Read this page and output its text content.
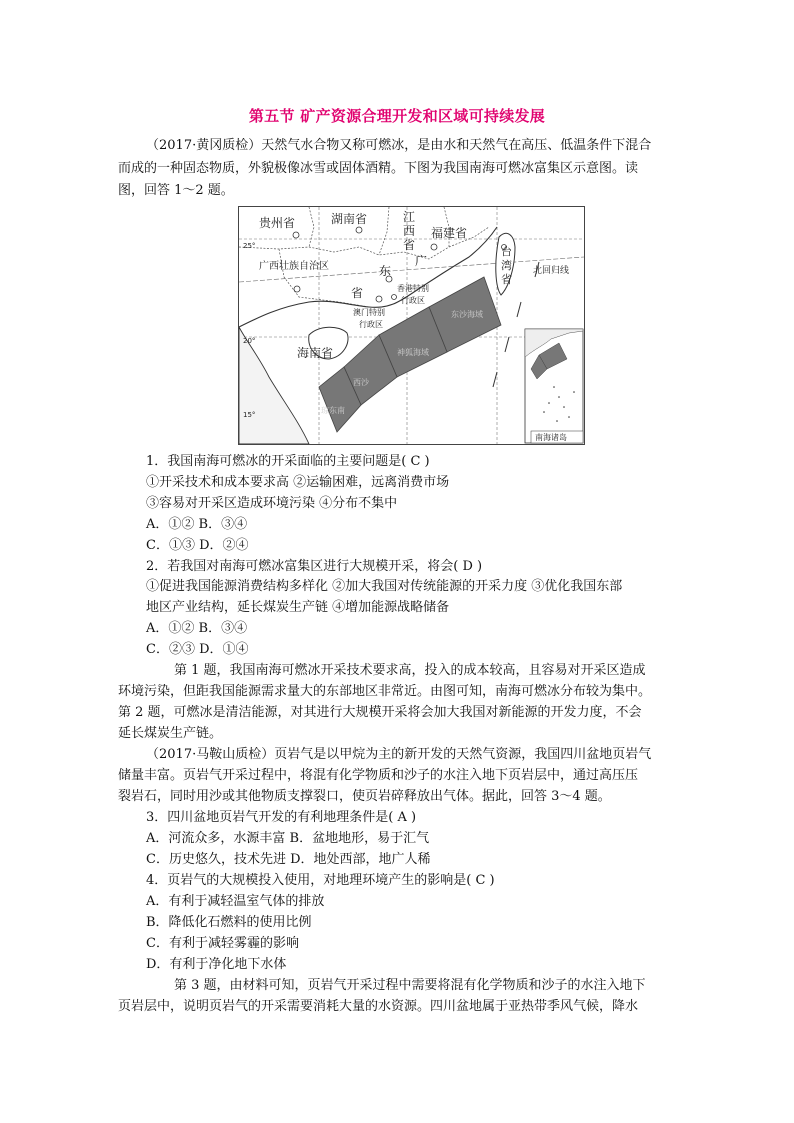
第五节 矿产资源合理开发和区域可持续发展
（2017·黄冈质检）天然气水合物又称可燃冰，是由水和天然气在高压、低温条件下混合
而成的一种固态物质，外貌极像冰雪或固体酒精。下图为我国南海可燃冰富集区示意图。读
图，回答 1～2 题。
东沙海域
神狐海域
西沙
琼东南
贵州省	湖南省	江
西
省
福建省
台
湾
省
广西壮族自治区	广
东
省	香港特别
行政区
澳门特别
行政区
海南省
25°
20°
15°
北回归线
南海诸岛
1．我国南海可燃冰的开采面临的主要问题是( C )
①开采技术和成本要求高 ②运输困难，远离消费市场
③容易对开采区造成环境污染 ④分布不集中
A．①② B．③④
C．①③ D．②④
2．若我国对南海可燃冰富集区进行大规模开采，将会( D )
①促进我国能源消费结构多样化 ②加大我国对传统能源的开采力度 ③优化我国东部
地区产业结构，延长煤炭生产链 ④增加能源战略储备
A．①② B．③④
C．②③ D．①④
第 1 题，我国南海可燃冰开采技术要求高，投入的成本较高，且容易对开采区造成
环境污染，但距我国能源需求量大的东部地区非常近。由图可知，南海可燃冰分布较为集中。
第 2 题，可燃冰是清洁能源，对其进行大规模开采将会加大我国对新能源的开发力度，不会
延长煤炭生产链。
（2017·马鞍山质检）页岩气是以甲烷为主的新开发的天然气资源，我国四川盆地页岩气
储量丰富。页岩气开采过程中，将混有化学物质和沙子的水注入地下页岩层中，通过高压压
裂岩石，同时用沙或其他物质支撑裂口，使页岩碎释放出气体。据此，回答 3～4 题。
3．四川盆地页岩气开发的有利地理条件是( A )
A．河流众多，水源丰富 B．盆地地形，易于汇气
C．历史悠久，技术先进 D．地处西部，地广人稀
4．页岩气的大规模投入使用，对地理环境产生的影响是( C )
A．有利于减轻温室气体的排放
B．降低化石燃料的使用比例
C．有利于减轻雾霾的影响
D．有利于净化地下水体
第 3 题，由材料可知，页岩气开采过程中需要将混有化学物质和沙子的水注入地下
页岩层中，说明页岩气的开采需要消耗大量的水资源。四川盆地属于亚热带季风气候，降水
